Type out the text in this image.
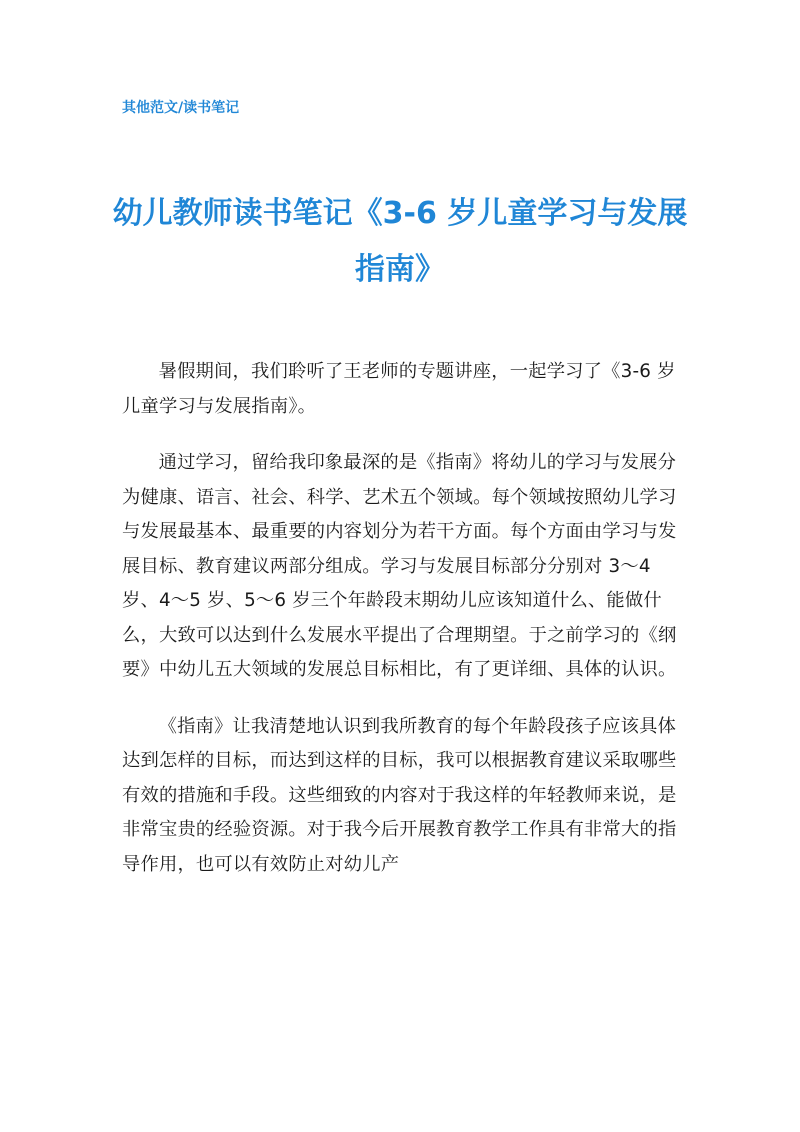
其他范文/读书笔记
幼儿教师读书笔记《3-6 岁儿童学习与发展指南》

暑假期间，我们聆听了王老师的专题讲座，一起学习了《3-6 岁儿童学习与发展指南》。

通过学习，留给我印象最深的是《指南》将幼儿的学习与发展分为健康、语言、社会、科学、艺术五个领域。每个领域按照幼儿学习与发展最基本、最重要的内容划分为若干方面。每个方面由学习与发展目标、教育建议两部分组成。学习与发展目标部分分别对 3～4 岁、4～5 岁、5～6 岁三个年龄段末期幼儿应该知道什么、能做什么，大致可以达到什么发展水平提出了合理期望。于之前学习的《纲要》中幼儿五大领域的发展总目标相比，有了更详细、具体的认识。

《指南》让我清楚地认识到我所教育的每个年龄段孩子应该具体达到怎样的目标，而达到这样的目标，我可以根据教育建议采取哪些有效的措施和手段。这些细致的内容对于我这样的年轻教师来说，是非常宝贵的经验资源。对于我今后开展教育教学工作具有非常大的指导作用，也可以有效防止对幼儿产
